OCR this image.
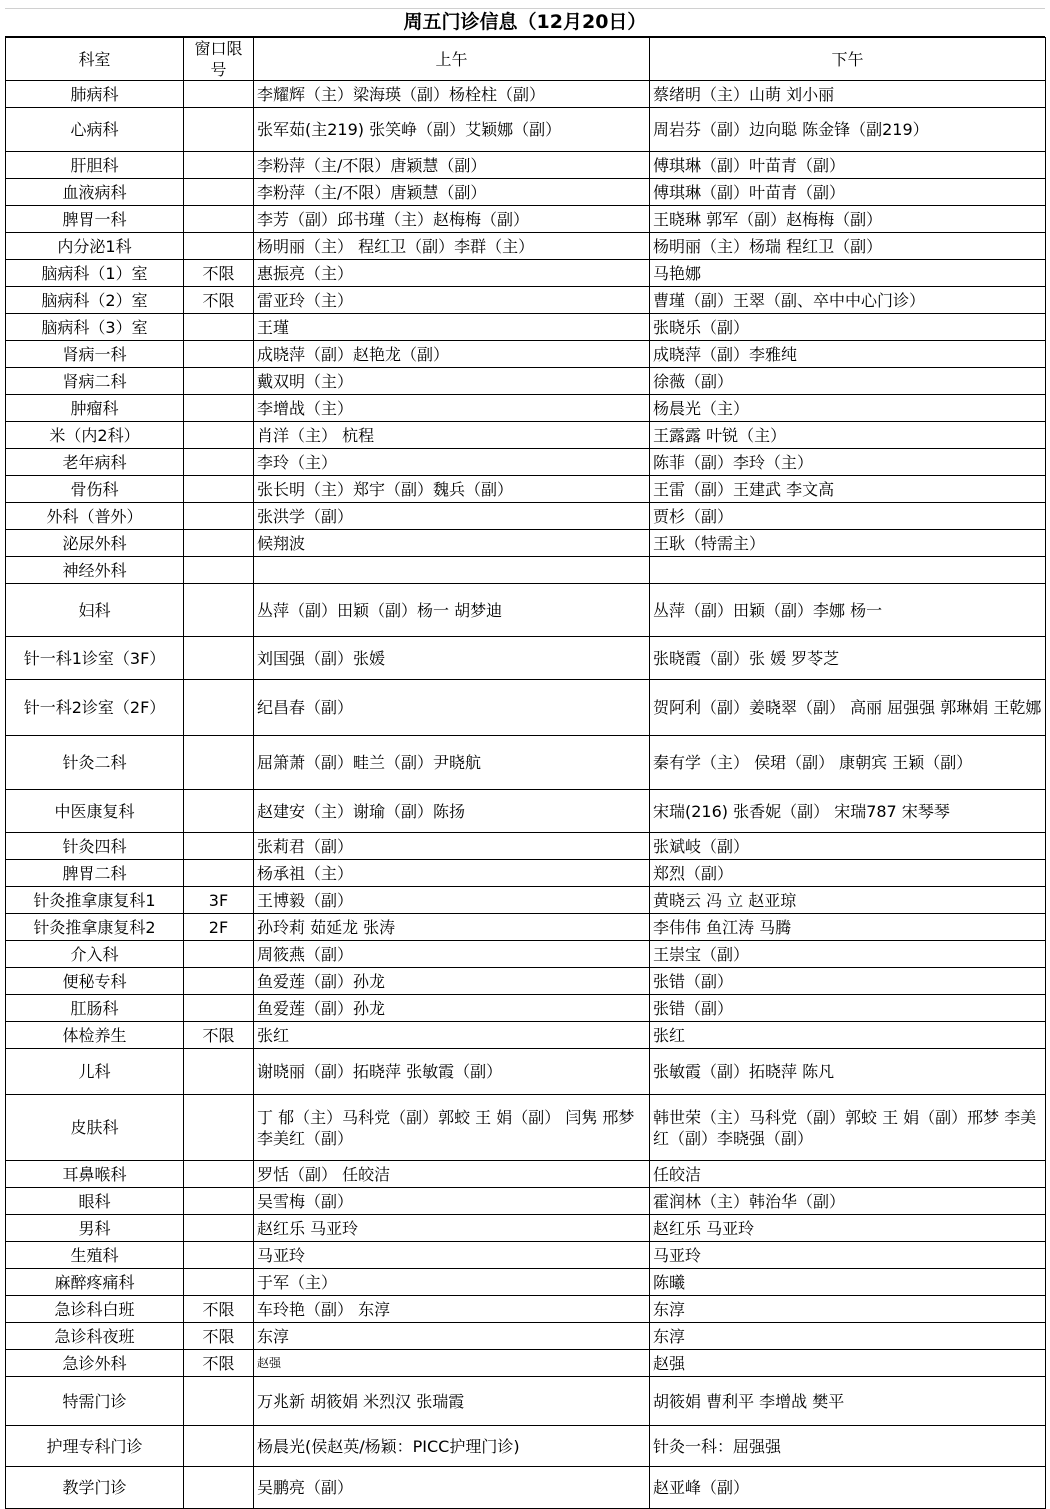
周五门诊信息（12月20日）
科室	窗口限号	上午	下午
肺病科		李耀辉（主）梁海瑛（副）杨栓柱（副）	蔡绪明（主）山萌 刘小丽
心病科		张军茹(主219) 张笑峥（副）艾颖娜（副）	周岩芬（副）边向聪 陈金锋（副219）
肝胆科		李粉萍（主/不限）唐颖慧（副）	傅琪琳（副）叶苗青（副）
血液病科		李粉萍（主/不限）唐颖慧（副）	傅琪琳（副）叶苗青（副）
脾胃一科		李芳（副）邱书瑾（主）赵梅梅（副）	王晓琳 郭军（副）赵梅梅（副）
内分泌1科		杨明丽（主） 程红卫（副）李群（主）	杨明丽（主）杨瑞 程红卫（副）
脑病科（1）室	不限	惠振亮（主）	马艳娜
脑病科（2）室	不限	雷亚玲（主）	曹瑾（副）王翠（副、卒中中心门诊）
脑病科（3）室		王瑾	张晓乐（副）
肾病一科		成晓萍（副）赵艳龙（副）	成晓萍（副）李雅纯
肾病二科		戴双明（主）	徐薇（副）
肿瘤科		李增战（主）	杨晨光（主）
米（内2科）		肖洋（主） 杭程	王露露 叶锐（主）
老年病科		李玲（主）	陈菲（副）李玲（主）
骨伤科		张长明（主）郑宇（副）魏兵（副）	王雷（副）王建武 李文高
外科（普外）		张洪学（副）	贾杉（副）
泌尿外科		候翔波	王耿（特需主）
神经外科			
妇科		丛萍（副）田颖（副）杨一 胡梦迪	丛萍（副）田颖（副）李娜 杨一
针一科1诊室（3F）		刘国强（副）张媛	张晓霞（副）张 媛 罗苓芝
针一科2诊室（2F）		纪昌春（副）	贺阿利（副）姜晓翠（副） 高丽 屈强强 郭琳娟 王乾娜
针灸二科		屈箫萧（副）畦兰（副）尹晓航	秦有学（主） 侯珺（副） 康朝宾 王颖（副）
中医康复科		赵建安（主）谢瑜（副）陈扬	宋瑞(216) 张香妮（副） 宋瑞787 宋琴琴
针灸四科		张莉君（副）	张斌岐（副）
脾胃二科		杨承祖（主）	郑烈（副）
针灸推拿康复科1	3F	王博毅（副）	黄晓云 冯 立 赵亚琼
针灸推拿康复科2	2F	孙玲莉 茹延龙 张涛	李伟伟 鱼江涛 马腾
介入科		周筱燕（副）	王崇宝（副）
便秘专科		鱼爱莲（副）孙龙	张错（副）
肛肠科		鱼爱莲（副）孙龙	张错（副）
体检养生	不限	张红	张红
儿科		谢晓丽（副）拓晓萍 张敏霞（副）	张敏霞（副）拓晓萍 陈凡
皮肤科		丁 郁（主）马科党（副）郭蛟 王 娟（副） 闫隽 邢梦 李美红（副）	韩世荣（主）马科党（副）郭蛟 王 娟（副）邢梦 李美红（副）李晓强（副）
耳鼻喉科		罗恬（副） 任皎洁	任皎洁
眼科		吴雪梅（副）	霍润林（主）韩治华（副）
男科		赵红乐 马亚玲	赵红乐 马亚玲
生殖科		马亚玲	马亚玲
麻醉疼痛科		于军（主）	陈曦
急诊科白班	不限	车玲艳（副） 东淳	东淳
急诊科夜班	不限	东淳	东淳
急诊外科	不限	赵强	赵强
特需门诊		万兆新 胡筱娟 米烈汉 张瑞霞	胡筱娟 曹利平 李增战 樊平
护理专科门诊		杨晨光(侯赵英/杨颖：PICC护理门诊)	针灸一科：屈强强
教学门诊		吴鹏亮（副）	赵亚峰（副）
